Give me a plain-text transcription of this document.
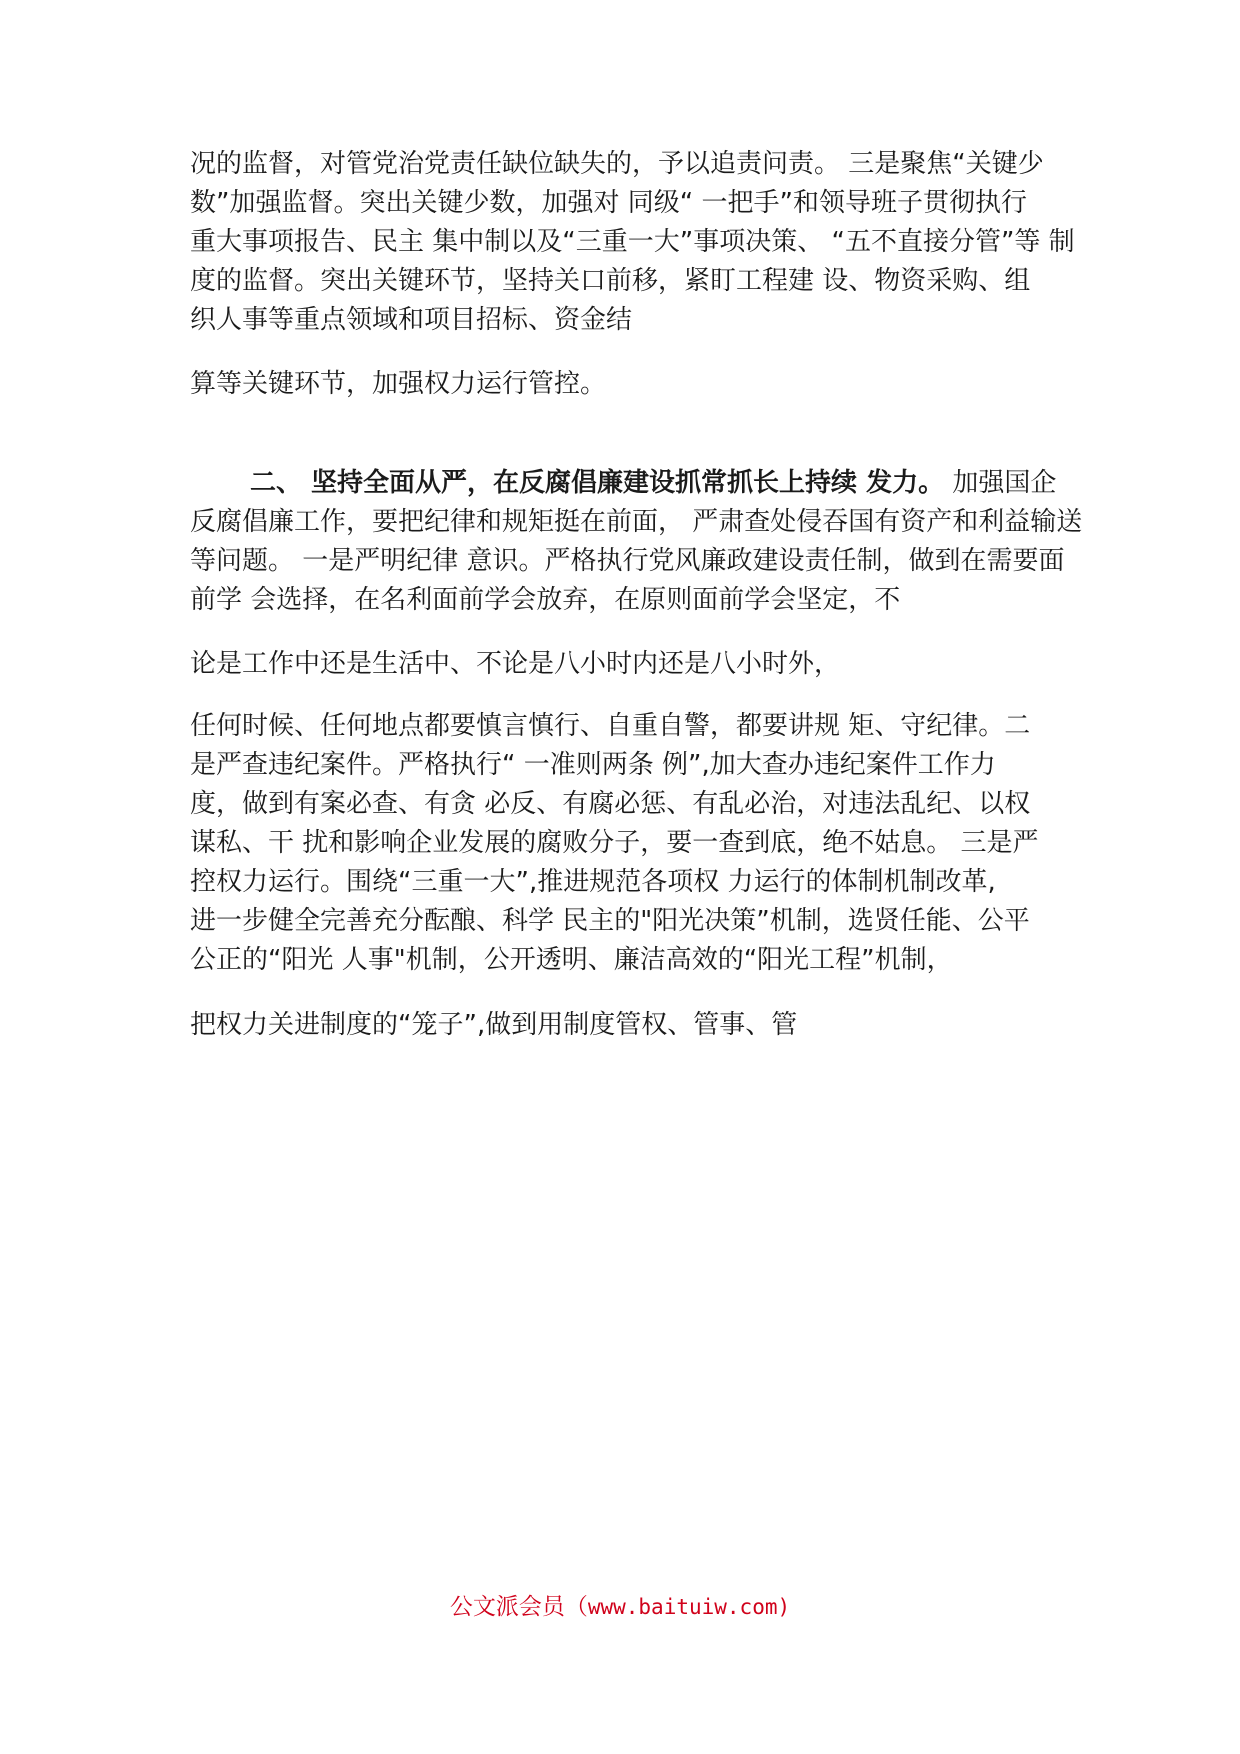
况的监督，对管党治党责任缺位缺失的，予以追责问责。 三是聚焦“关键少
数”加强监督。突出关键少数，加强对 同级“ 一把手”和领导班子贯彻执行
重大事项报告、民主 集中制以及“三重一大”事项决策、 “五不直接分管”等 制
度的监督。突出关键环节，坚持关口前移，紧盯工程建 设、物资采购、组
织人事等重点领域和项目招标、资金结
算等关键环节，加强权力运行管控。
二、 坚持全面从严，在反腐倡廉建设抓常抓长上持续 发力。 加强国企
反腐倡廉工作，要把纪律和规矩挺在前面， 严肃查处侵吞国有资产和利益输送
等问题。 一是严明纪律 意识。严格执行党风廉政建设责任制，做到在需要面
前学 会选择，在名利面前学会放弃，在原则面前学会坚定，不
论是工作中还是生活中、不论是八小时内还是八小时外，
任何时候、任何地点都要慎言慎行、自重自警，都要讲规 矩、守纪律。二
是严查违纪案件。严格执行“ 一准则两条 例”,加大查办违纪案件工作力
度，做到有案必查、有贪 必反、有腐必惩、有乱必治，对违法乱纪、以权
谋私、干 扰和影响企业发展的腐败分子，要一查到底，绝不姑息。 三是严
控权力运行。围绕“三重一大”,推进规范各项权 力运行的体制机制改革,
进一步健全完善充分酝酿、科学 民主的"阳光决策”机制，选贤任能、公平
公正的“阳光 人事"机制，公开透明、廉洁高效的“阳光工程”机制，
把权力关进制度的“笼子”,做到用制度管权、管事、管
公文派会员（www.baituiw.com)
